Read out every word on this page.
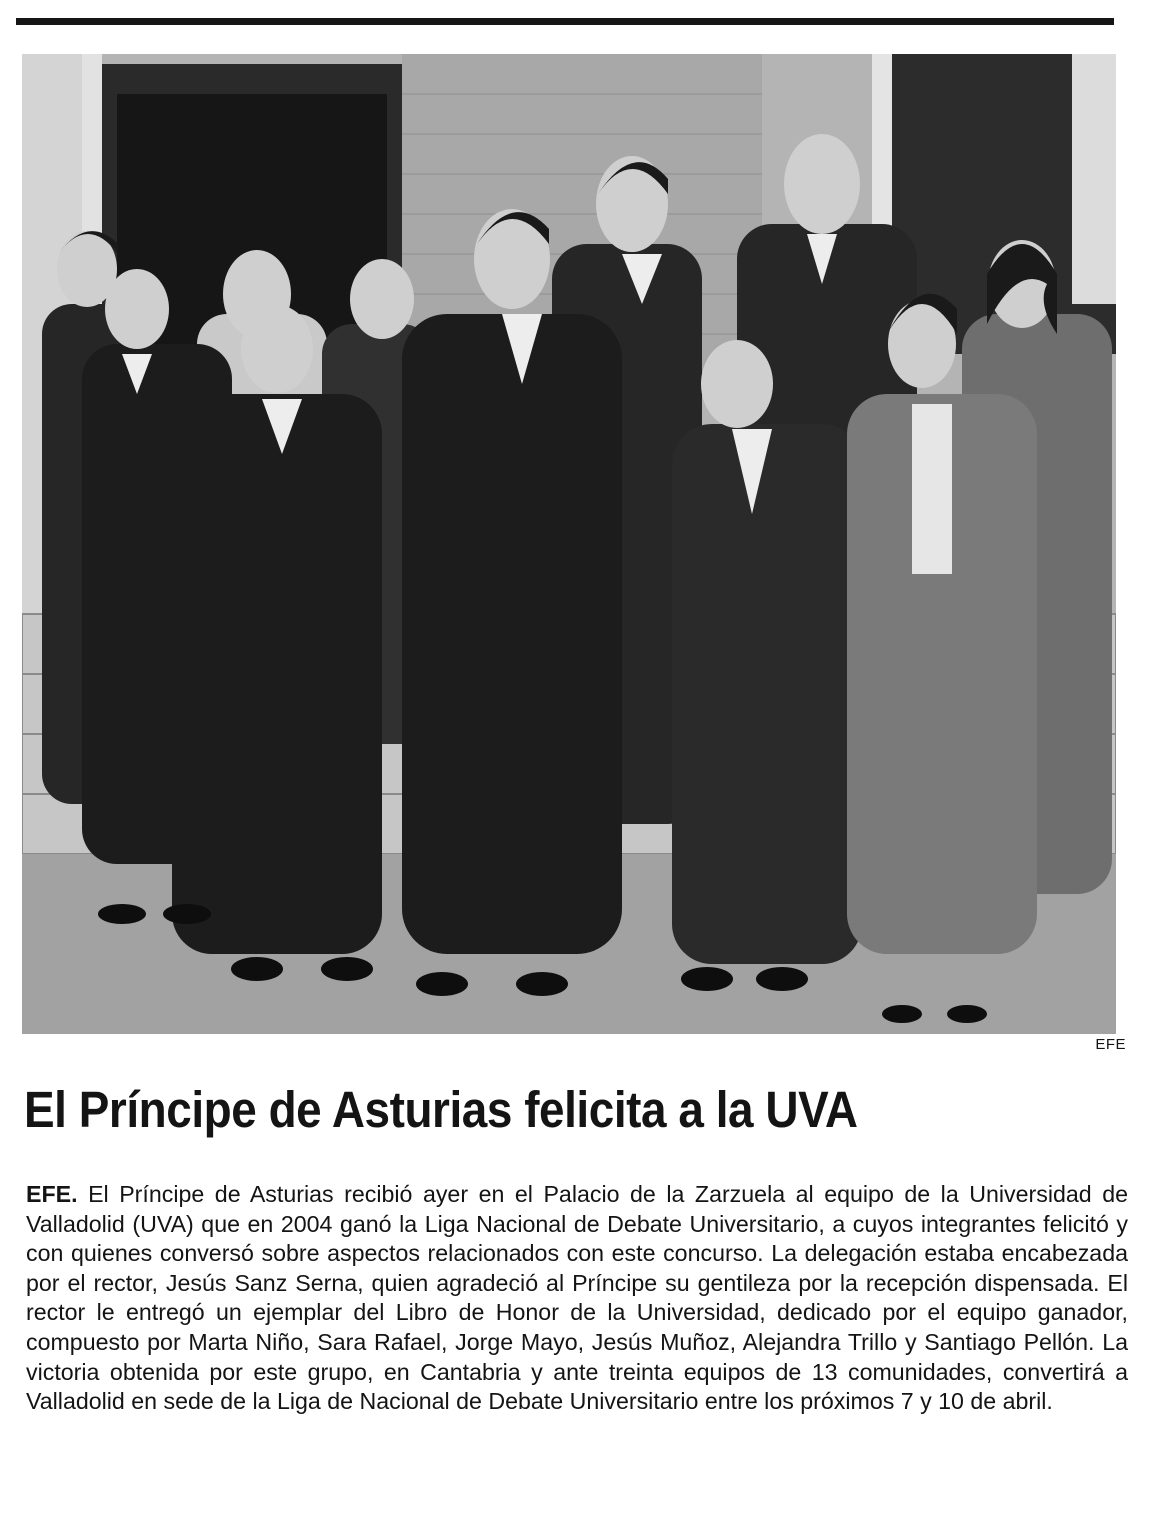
EFE
El Príncipe de Asturias felicita a la UVA

EFE. El Príncipe de Asturias recibió ayer en el Palacio de la Zarzuela al equipo de la Universidad de Valladolid (UVA) que en 2004 ganó la Liga Nacional de Debate Universitario, a cuyos integrantes felicitó y con quienes conversó sobre aspectos relacionados con este concurso. La delegación estaba encabezada por el rector, Jesús Sanz Serna, quien agradeció al Príncipe su gentileza por la recepción dispensada. El rector le entregó un ejemplar del Libro de Honor de la Universidad, dedicado por el equipo ganador, compuesto por Marta Niño, Sara Rafael, Jorge Mayo, Jesús Muñoz, Alejandra Trillo y Santiago Pellón. La victoria obtenida por este grupo, en Cantabria y ante treinta equipos de 13 comunidades, convertirá a Valladolid en sede de la Liga de Nacional de Debate Universitario entre los próximos 7 y 10 de abril.
